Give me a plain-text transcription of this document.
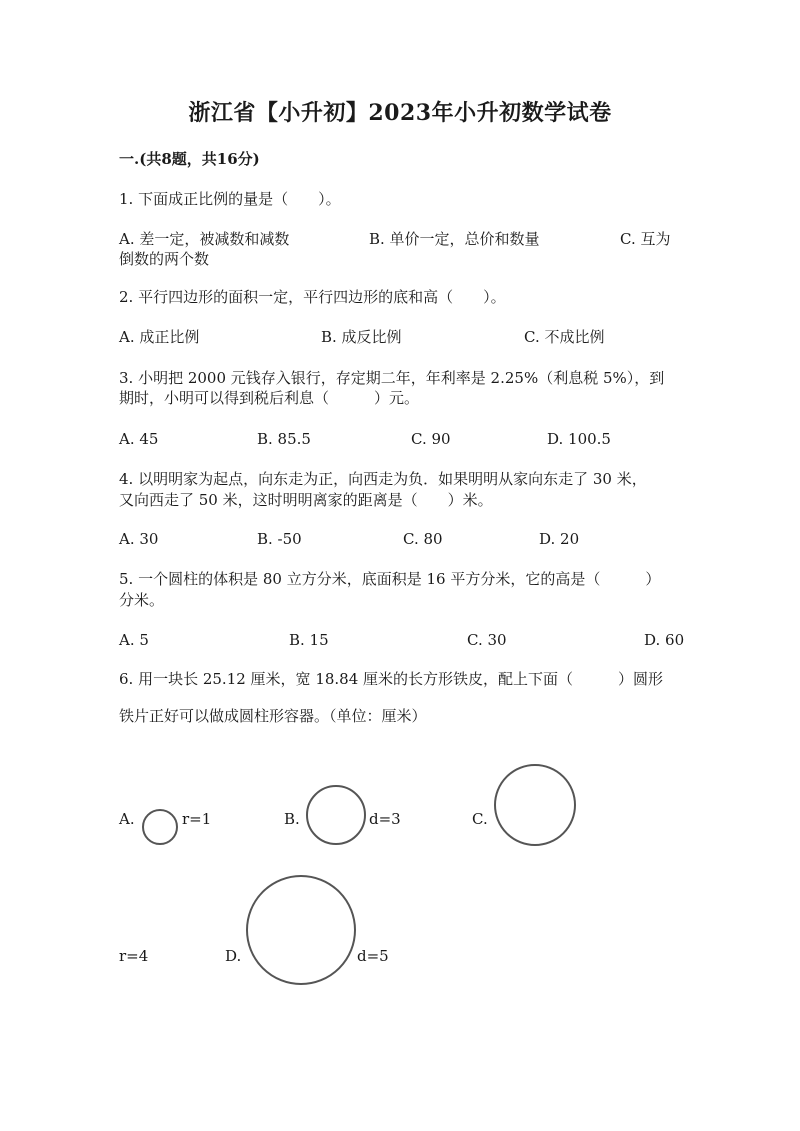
浙江省【小升初】2023年小升初数学试卷
一.(共8题，共16分)
1. 下面成正比例的量是（　　）。
A. 差一定，被减数和减数	B. 单价一定，总价和数量	C. 互为
倒数的两个数
2. 平行四边形的面积一定，平行四边形的底和高（　　）。
A. 成正比例	B. 成反比例	C. 不成比例
3. 小明把 2000 元钱存入银行，存定期二年，年利率是 2.25%（利息税 5%），到
期时，小明可以得到税后利息（　　　）元。
A. 45	B. 85.5	C. 90	D. 100.5
4. 以明明家为起点，向东走为正，向西走为负．如果明明从家向东走了 30 米，
又向西走了 50 米，这时明明离家的距离是（　　）米。
A. 30	B. -50	C. 80	D. 20
5. 一个圆柱的体积是 80 立方分米，底面积是 16 平方分米，它的高是（　　　）
分米。
A. 5	B. 15	C. 30	D. 60
6. 用一块长 25.12 厘米，宽 18.84 厘米的长方形铁皮，配上下面（　　　）圆形
铁片正好可以做成圆柱形容器。（单位：厘米）
A.	r=1	B.	d=3	C.
r=4	D.	d=5
